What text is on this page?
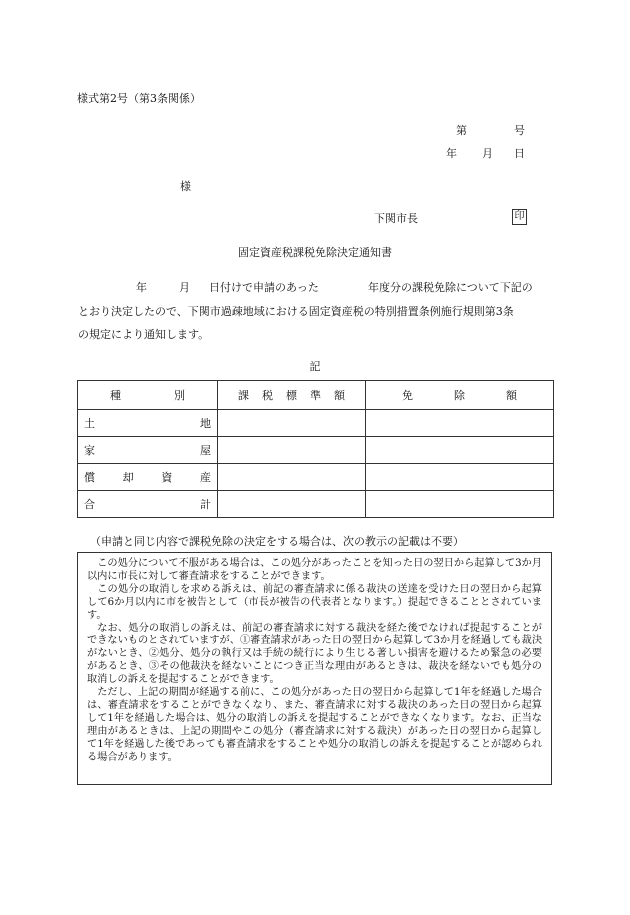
様式第2号（第3条関係）
第	号
年 月 日
様
下関市長	印
固定資産税課税免除決定通知書
年	月 日付けで申請のあった	年度分の課税免除について下記の
とおり決定したので、下関市過疎地域における固定資産税の特別措置条例施行規則第3条
の規定により通知します。
記
種 別	課 税 標 準 額	免 除 額

土 地		

家 屋		

償 却 資 産		

合 計		

（申請と同じ内容で課税免除の決定をする場合は、次の教示の記載は不要）

この処分について不服がある場合は、この処分があったことを知った日の翌日から起算して3か月以内に市長に対して審査請求をすることができます。

この処分の取消しを求める訴えは、前記の審査請求に係る裁決の送達を受けた日の翌日から起算して6か月以内に市を被告として（市長が被告の代表者となります。）提起できることとされています。

なお、処分の取消しの訴えは、前記の審査請求に対する裁決を経た後でなければ提起することができないものとされていますが、①審査請求があった日の翌日から起算して3か月を経過しても裁決がないとき、②処分、処分の執行又は手続の続行により生じる著しい損害を避けるため緊急の必要があるとき、③その他裁決を経ないことにつき正当な理由があるときは、裁決を経ないでも処分の取消しの訴えを提起することができます。

ただし、上記の期間が経過する前に、この処分があった日の翌日から起算して1年を経過した場合は、審査請求をすることができなくなり、また、審査請求に対する裁決のあった日の翌日から起算して1年を経過した場合は、処分の取消しの訴えを提起することができなくなります。なお、正当な理由があるときは、上記の期間やこの処分（審査請求に対する裁決）があった日の翌日から起算して1年を経過した後であっても審査請求をすることや処分の取消しの訴えを提起することが認められる場合があります。
